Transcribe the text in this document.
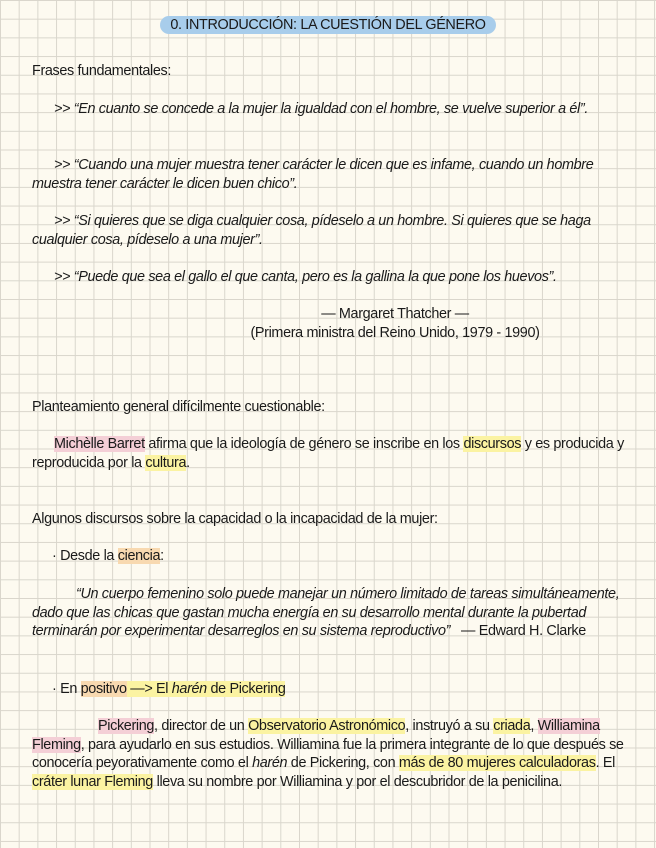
0. INTRODUCCIÓN: LA CUESTIÓN DEL GÉNERO
Frases fundamentales:
>> “En cuanto se concede a la mujer la igualdad con el hombre, se vuelve superior a él”.
>> “Cuando una mujer muestra tener carácter le dicen que es infame, cuando un hombre muestra tener carácter le dicen buen chico”.
>> “Si quieres que se diga cualquier cosa, pídeselo a un hombre. Si quieres que se haga cualquier cosa, pídeselo a una mujer”.
>> “Puede que sea el gallo el que canta, pero es la gallina la que pone los huevos”.
— Margaret Thatcher —
(Primera ministra del Reino Unido, 1979 - 1990)
Planteamiento general difícilmente cuestionable:
Michèlle Barret afirma que la ideología de género se inscribe en los discursos y es producida y reproducida por la cultura.
Algunos discursos sobre la capacidad o la incapacidad de la mujer:
· Desde la ciencia:
“Un cuerpo femenino solo puede manejar un número limitado de tareas simultáneamente, dado que las chicas que gastan mucha energía en su desarrollo mental durante la pubertad terminarán por experimentar desarreglos en su sistema reproductivo” — Edward H. Clarke
· En positivo —> El harén de Pickering
Pickering, director de un Observatorio Astronómico, instruyó a su criada, Williamina Fleming, para ayudarlo en sus estudios. Williamina fue la primera integrante de lo que después se conocería peyorativamente como el harén de Pickering, con más de 80 mujeres calculadoras. El cráter lunar Fleming lleva su nombre por Williamina y por el descubridor de la penicilina.
